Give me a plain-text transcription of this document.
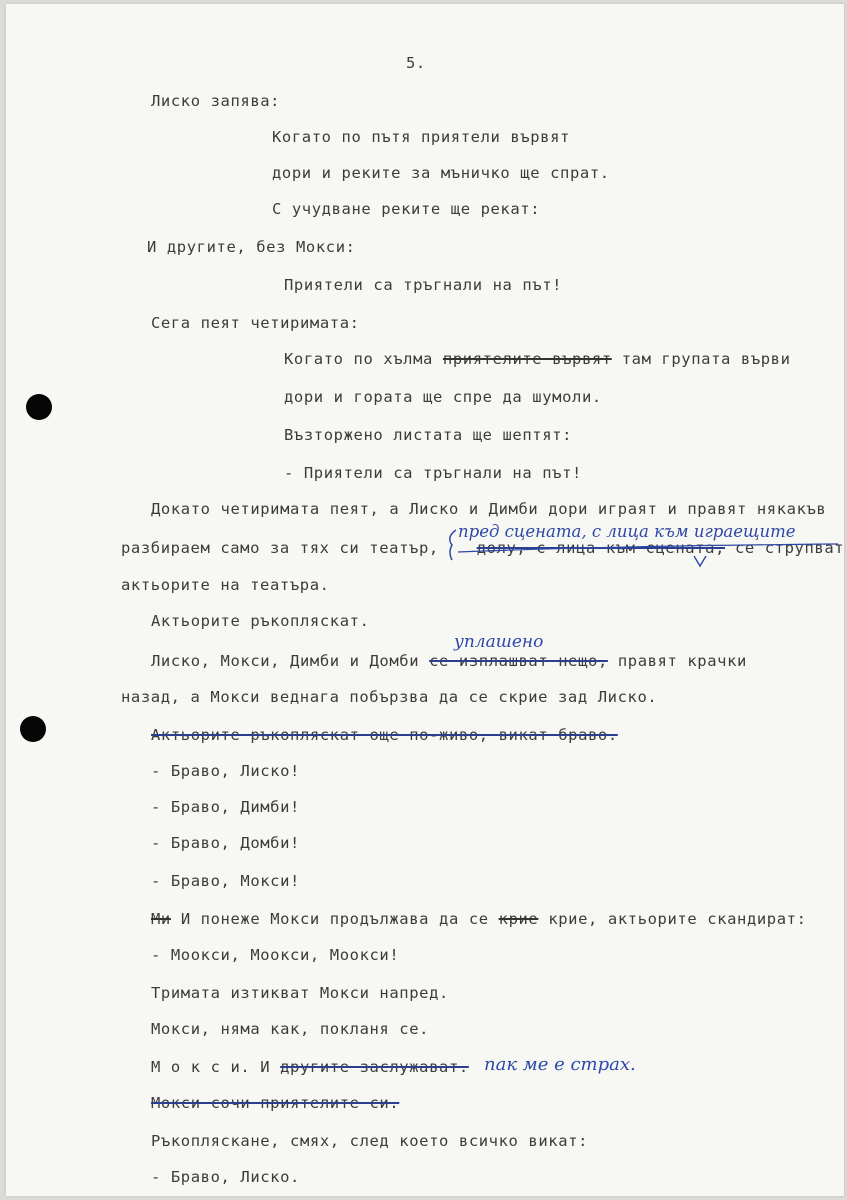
5.
Лиско запява:
Когато по пътя приятели вървят
дори и реките за мъничко ще спрат.
С учудване реките ще рекат:
И другите, без Мокси:
Приятели са тръгнали на път!
Сега пеят четиримата:
Когато по хълма приятелите вървят там групата върви
дори и гората ще спре да шумоли.
Възторжено листата ще шептят:
- Приятели са тръгнали на път!
Докато четиримата пеят, а Лиско и Димби дори играят и правят някакъв
пред сцената, с лица към играещите
разбираем само за тях си театър, долу, с лица към сцената, се струпват
актьорите на театъра.
Актьорите ръкопляскат.
уплашено
Лиско, Мокси, Димби и Домби се изплашват нещо, правят крачки
назад, а Мокси веднага побързва да се скрие зад Лиско.
Актьорите ръкопляскат още по-живо, викат браво.
- Браво, Лиско!
- Браво, Димби!
- Браво, Домби!
- Браво, Мокси!
Ми И понеже Мокси продължава да се крие крие, актьорите скандират:
- Моокси, Моокси, Моокси!
Тримата изтикват Мокси напред.
Мокси, няма как, покланя се.
М о к с и. И другите заслужават. пак ме е страх.
Мокси сочи приятелите си.
Ръкопляскане, смях, след което всичко викат:
- Браво, Лиско.
